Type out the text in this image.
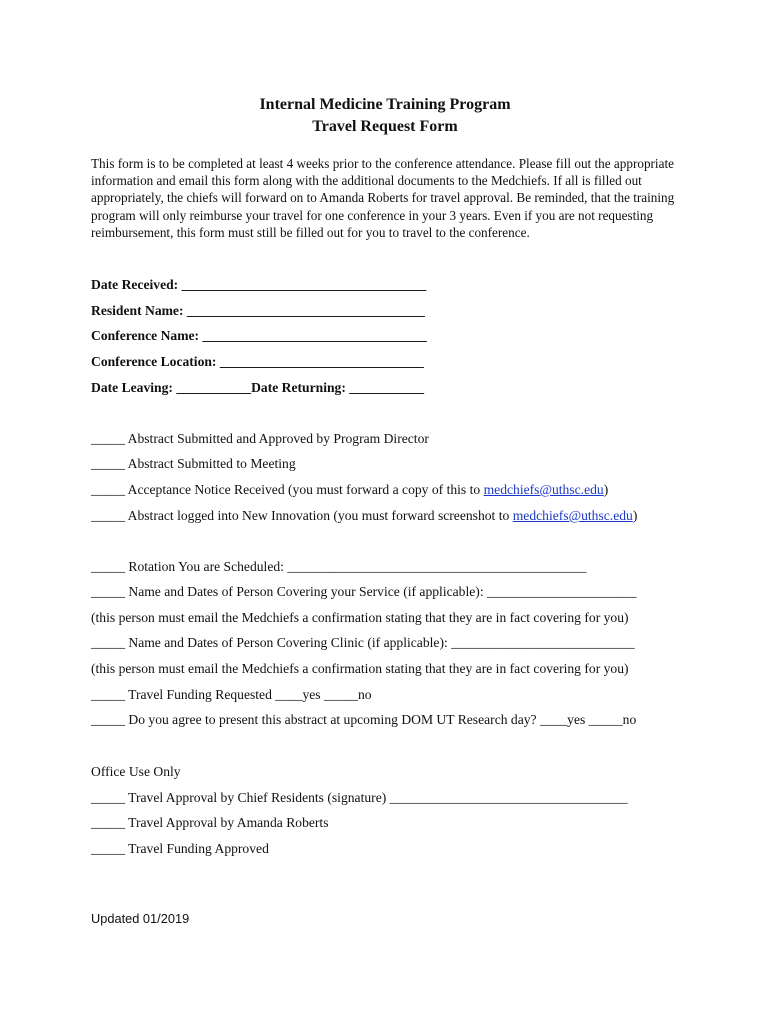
Internal Medicine Training Program
Travel Request Form
This form is to be completed at least 4 weeks prior to the conference attendance. Please fill out the appropriate information and email this form along with the additional documents to the Medchiefs. If all is filled out appropriately, the chiefs will forward on to Amanda Roberts for travel approval. Be reminded, that the training program will only reimburse your travel for one conference in your 3 years. Even if you are not requesting reimbursement, this form must still be filled out for you to travel to the conference.
Date Received: ____________________________________
Resident Name: ___________________________________
Conference Name: _________________________________
Conference Location: ______________________________
Date Leaving: ___________Date Returning: ___________
_____ Abstract Submitted and Approved by Program Director
_____ Abstract Submitted to Meeting
_____ Acceptance Notice Received (you must forward a copy of this to medchiefs@uthsc.edu)
_____ Abstract logged into New Innovation (you must forward screenshot to medchiefs@uthsc.edu)
_____ Rotation You are Scheduled: ____________________________________________
_____ Name and Dates of Person Covering your Service (if applicable): ______________________
(this person must email the Medchiefs a confirmation stating that they are in fact covering for you)
_____ Name and Dates of Person Covering Clinic (if applicable): ___________________________
(this person must email the Medchiefs a confirmation stating that they are in fact covering for you)
_____ Travel Funding Requested ____yes _____no
_____ Do you agree to present this abstract at upcoming DOM UT Research day? ____yes _____no
Office Use Only
_____ Travel Approval by Chief Residents (signature) ___________________________________
_____ Travel Approval by Amanda Roberts
_____ Travel Funding Approved
Updated 01/2019
